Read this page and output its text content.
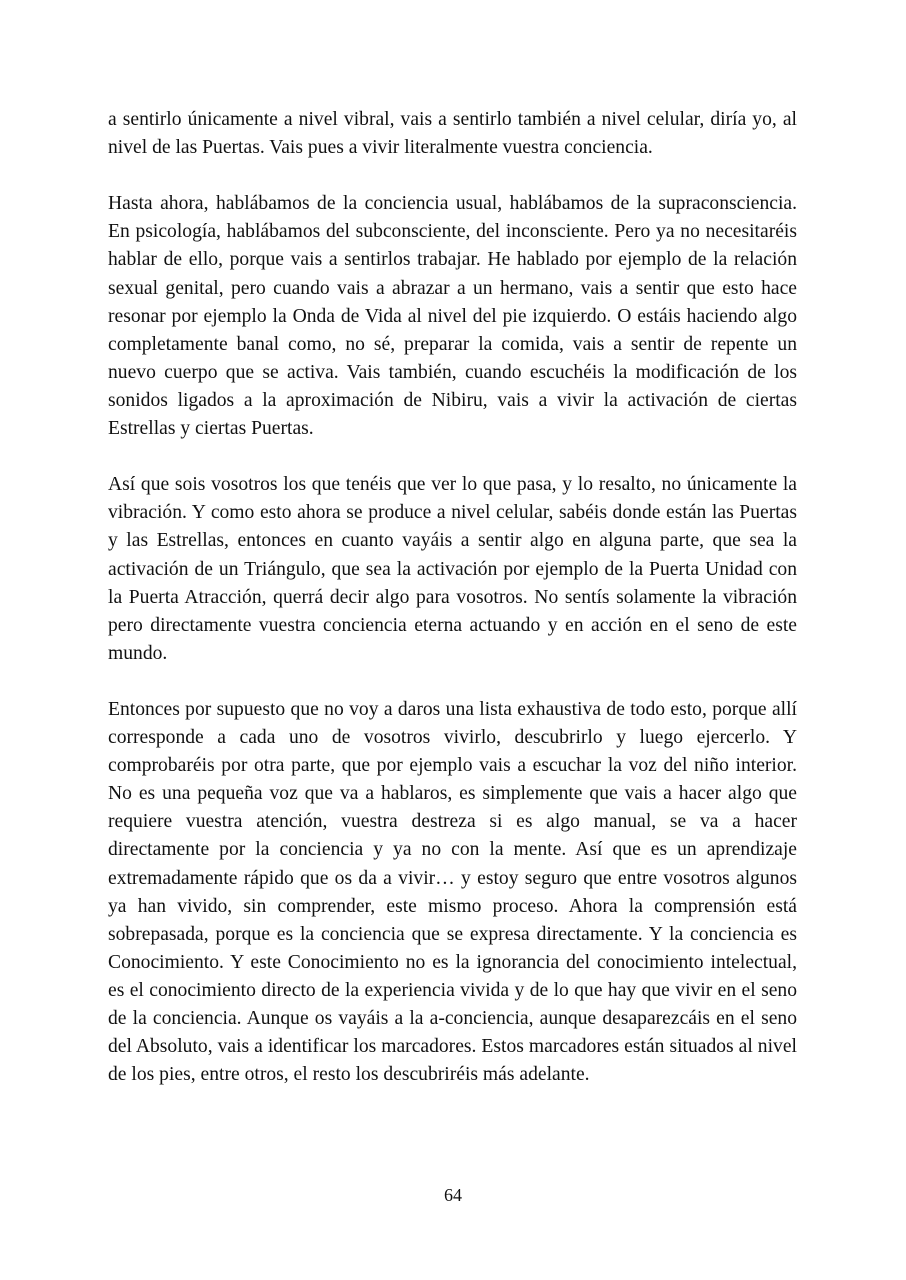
a sentirlo únicamente a nivel vibral, vais a sentirlo también a nivel celular, diría yo, al nivel de las Puertas. Vais pues a vivir literalmente vuestra conciencia.

Hasta ahora, hablábamos de la conciencia usual, hablábamos de la supraconsciencia. En psicología, hablábamos del subconsciente, del inconsciente. Pero ya no necesitaréis hablar de ello, porque vais a sentirlos trabajar. He hablado por ejemplo de la relación sexual genital, pero cuando vais a abrazar a un hermano, vais a sentir que esto hace resonar por ejemplo la Onda de Vida al nivel del pie izquierdo. O estáis haciendo algo completamente banal como, no sé, preparar la comida, vais a sentir de repente un nuevo cuerpo que se activa. Vais también, cuando escuchéis la modificación de los sonidos ligados a la aproximación de Nibiru, vais a vivir la activación de ciertas Estrellas y ciertas Puertas.

Así que sois vosotros los que tenéis que ver lo que pasa, y lo resalto, no únicamente la vibración. Y como esto ahora se produce a nivel celular, sabéis donde están las Puertas y las Estrellas, entonces en cuanto vayáis a sentir algo en alguna parte, que sea la activación de un Triángulo, que sea la activación por ejemplo de la Puerta Unidad con la Puerta Atracción, querrá decir algo para vosotros. No sentís solamente la vibración pero directamente vuestra conciencia eterna actuando y en acción en el seno de este mundo.

Entonces por supuesto que no voy a daros una lista exhaustiva de todo esto, porque allí corresponde a cada uno de vosotros vivirlo, descubrirlo y luego ejercerlo. Y comprobaréis por otra parte, que por ejemplo vais a escuchar la voz del niño interior. No es una pequeña voz que va a hablaros, es simplemente que vais a hacer algo que requiere vuestra atención, vuestra destreza si es algo manual, se va a hacer directamente por la conciencia y ya no con la mente. Así que es un aprendizaje extremadamente rápido que os da a vivir… y estoy seguro que entre vosotros algunos ya han vivido, sin comprender, este mismo proceso. Ahora la comprensión está sobrepasada, porque es la conciencia que se expresa directamente. Y la conciencia es Conocimiento. Y este Conocimiento no es la ignorancia del conocimiento intelectual, es el conocimiento directo de la experiencia vivida y de lo que hay que vivir en el seno de la conciencia. Aunque os vayáis a la a-conciencia, aunque desaparezcáis en el seno del Absoluto, vais a identificar los marcadores. Estos marcadores están situados al nivel de los pies, entre otros, el resto los descubriréis más adelante.

64
